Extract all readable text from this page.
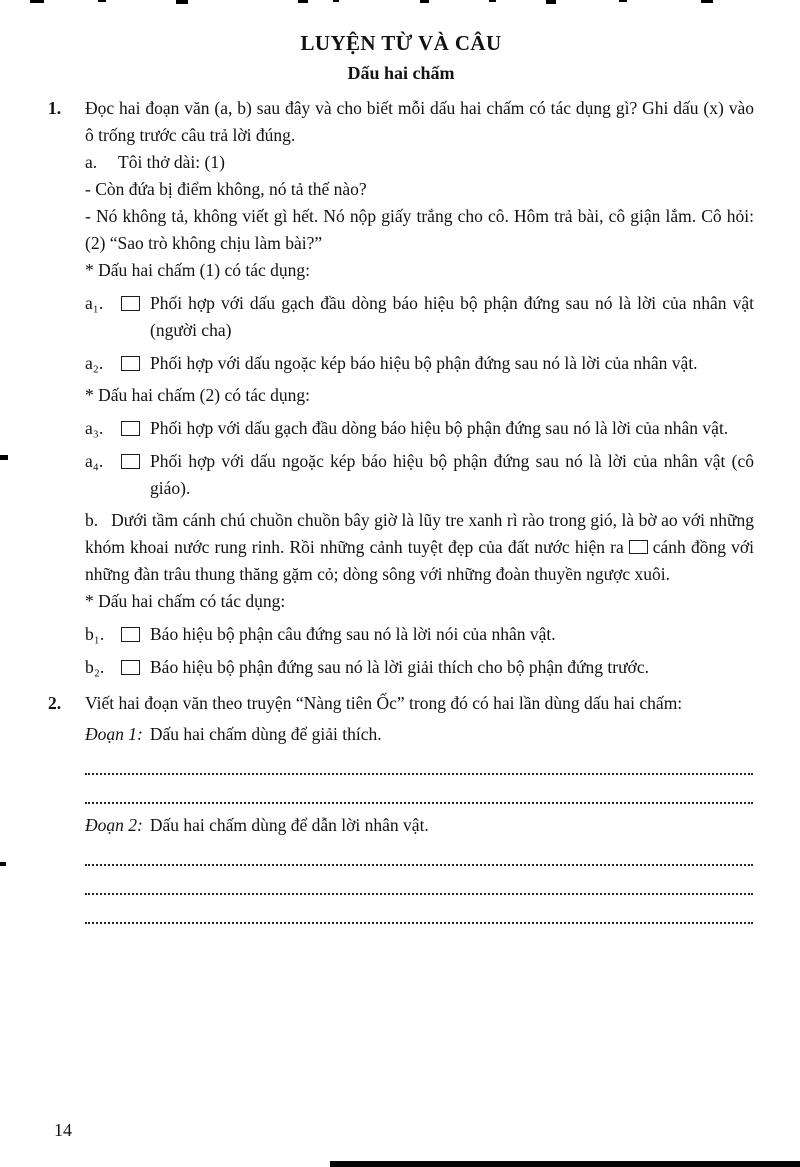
LUYỆN TỪ VÀ CÂU
Dấu hai chấm
1.	Đọc hai đoạn văn (a, b) sau đây và cho biết mỗi dấu hai chấm có tác dụng gì? Ghi dấu (x) vào ô trống trước câu trả lời đúng.
a.	Tôi thở dài: (1)
- Còn đứa bị điểm không, nó tả thế nào?
- Nó không tả, không viết gì hết. Nó nộp giấy trắng cho cô. Hôm trả bài, cô giận lắm. Cô hỏi: (2) “Sao trò không chịu làm bài?”
* Dấu hai chấm (1) có tác dụng:
a₁.	Phối hợp với dấu gạch đầu dòng báo hiệu bộ phận đứng sau nó là lời của nhân vật (người cha)
a₂.	Phối hợp với dấu ngoặc kép báo hiệu bộ phận đứng sau nó là lời của nhân vật.
* Dấu hai chấm (2) có tác dụng:
a₃.	Phối hợp với dấu gạch đầu dòng báo hiệu bộ phận đứng sau nó là lời của nhân vật.
a₄.	Phối hợp với dấu ngoặc kép báo hiệu bộ phận đứng sau nó là lời của nhân vật (cô giáo).
b. Dưới tầm cánh chú chuồn chuồn bây giờ là lũy tre xanh rì rào trong gió, là bờ ao với những khóm khoai nước rung rinh. Rồi những cảnh tuyệt đẹp của đất nước hiện ra cánh đồng với những đàn trâu thung thăng gặm cỏ; dòng sông với những đoàn thuyền ngược xuôi.
* Dấu hai chấm có tác dụng:
b₁.	Báo hiệu bộ phận câu đứng sau nó là lời nói của nhân vật.
b₂.	Báo hiệu bộ phận đứng sau nó là lời giải thích cho bộ phận đứng trước.
2.	Viết hai đoạn văn theo truyện “Nàng tiên Ốc” trong đó có hai lần dùng dấu hai chấm:
Đoạn 1: Dấu hai chấm dùng để giải thích.
Đoạn 2: Dấu hai chấm dùng để dẫn lời nhân vật.
14
